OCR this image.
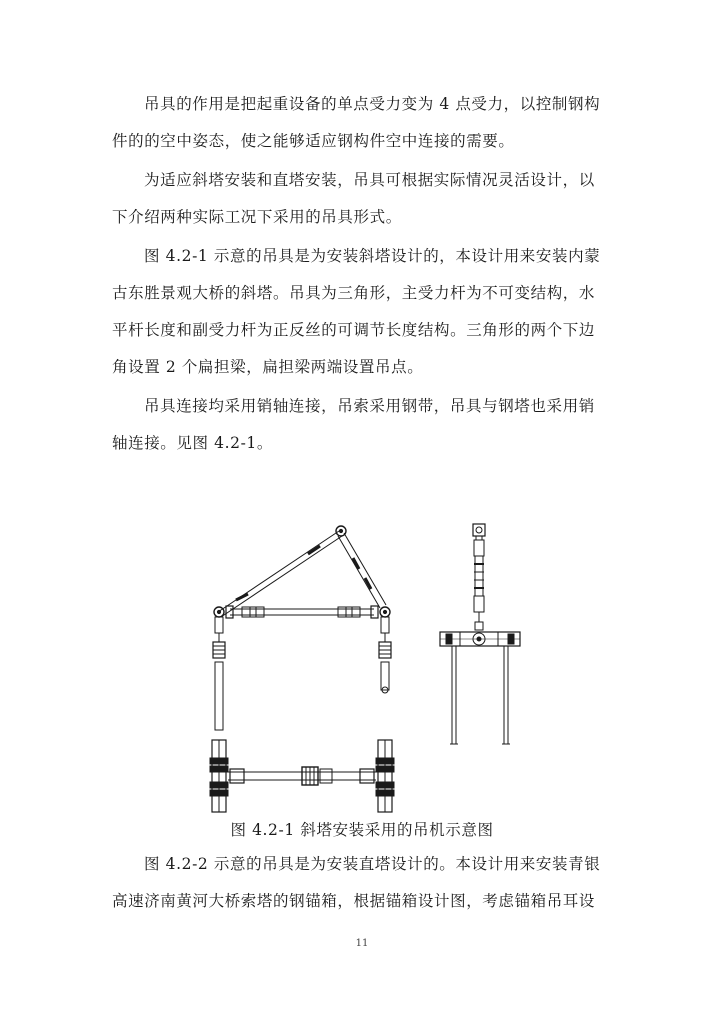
吊具的作用是把起重设备的单点受力变为 4 点受力，以控制钢构
件的的空中姿态，使之能够适应钢构件空中连接的需要。
为适应斜塔安装和直塔安装，吊具可根据实际情况灵活设计，以
下介绍两种实际工况下采用的吊具形式。
图 4.2-1 示意的吊具是为安装斜塔设计的，本设计用来安装内蒙
古东胜景观大桥的斜塔。吊具为三角形，主受力杆为不可变结构，水
平杆长度和副受力杆为正反丝的可调节长度结构。三角形的两个下边
角设置 2 个扁担梁，扁担梁两端设置吊点。
吊具连接均采用销轴连接，吊索采用钢带，吊具与钢塔也采用销
轴连接。见图 4.2-1。
图 4.2-1 斜塔安装采用的吊机示意图
图 4.2-2 示意的吊具是为安装直塔设计的。本设计用来安装青银
高速济南黄河大桥索塔的钢锚箱，根据锚箱设计图，考虑锚箱吊耳设
11
